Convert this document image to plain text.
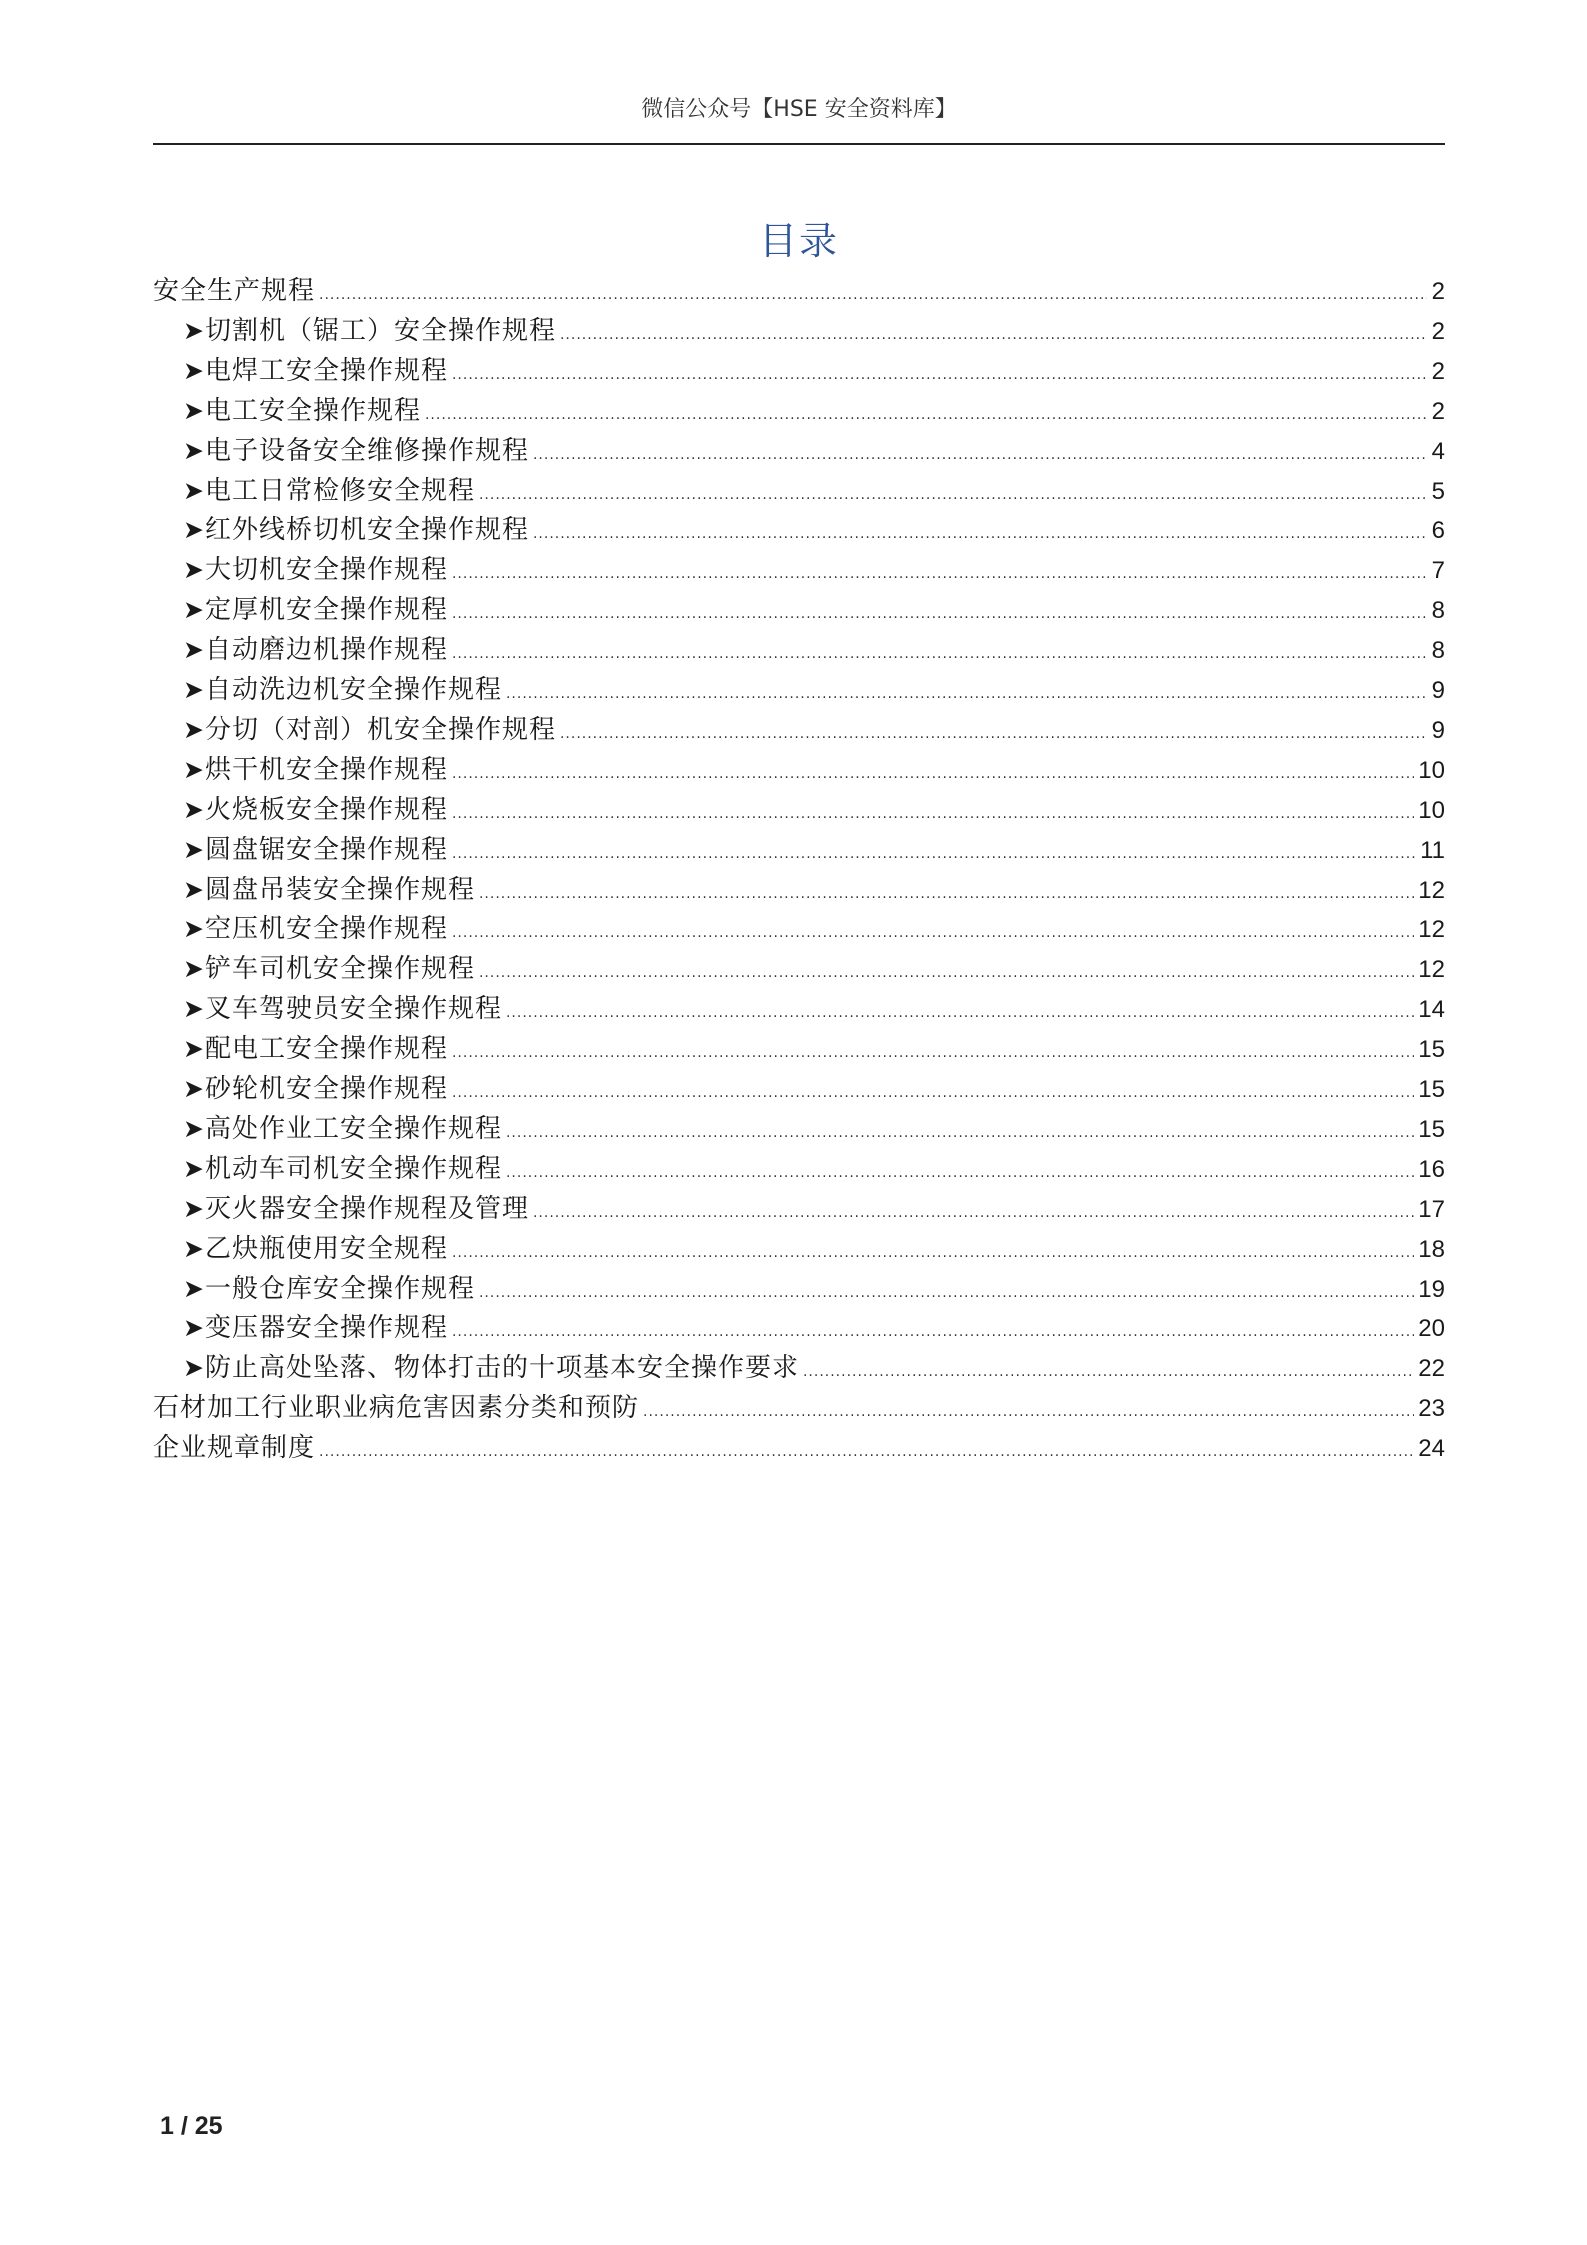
微信公众号【HSE 安全资料库】
目录
安全生产规程 .....	2
➤ 切割机（锯工）安全操作规程 .....	2
➤ 电焊工安全操作规程 .....	2
➤ 电工安全操作规程 .....	2
➤ 电子设备安全维修操作规程 .....	4
➤ 电工日常检修安全规程 .....	5
➤ 红外线桥切机安全操作规程 .....	6
➤ 大切机安全操作规程 .....	7
➤ 定厚机安全操作规程 .....	8
➤ 自动磨边机操作规程 .....	8
➤ 自动洗边机安全操作规程 .....	9
➤ 分切（对剖）机安全操作规程 .....	9
➤ 烘干机安全操作规程 .....	10
➤ 火烧板安全操作规程 .....	10
➤ 圆盘锯安全操作规程 .....	11
➤ 圆盘吊装安全操作规程 .....	12
➤ 空压机安全操作规程 .....	12
➤ 铲车司机安全操作规程 .....	12
➤ 叉车驾驶员安全操作规程 .....	14
➤ 配电工安全操作规程 .....	15
➤ 砂轮机安全操作规程 .....	15
➤ 高处作业工安全操作规程 .....	15
➤ 机动车司机安全操作规程 .....	16
➤ 灭火器安全操作规程及管理 .....	17
➤ 乙炔瓶使用安全规程 .....	18
➤ 一般仓库安全操作规程 .....	19
➤ 变压器安全操作规程 .....	20
➤ 防止高处坠落、物体打击的十项基本安全操作要求 .....	22
石材加工行业职业病危害因素分类和预防 .....	23
企业规章制度 .....	24
1 / 25
